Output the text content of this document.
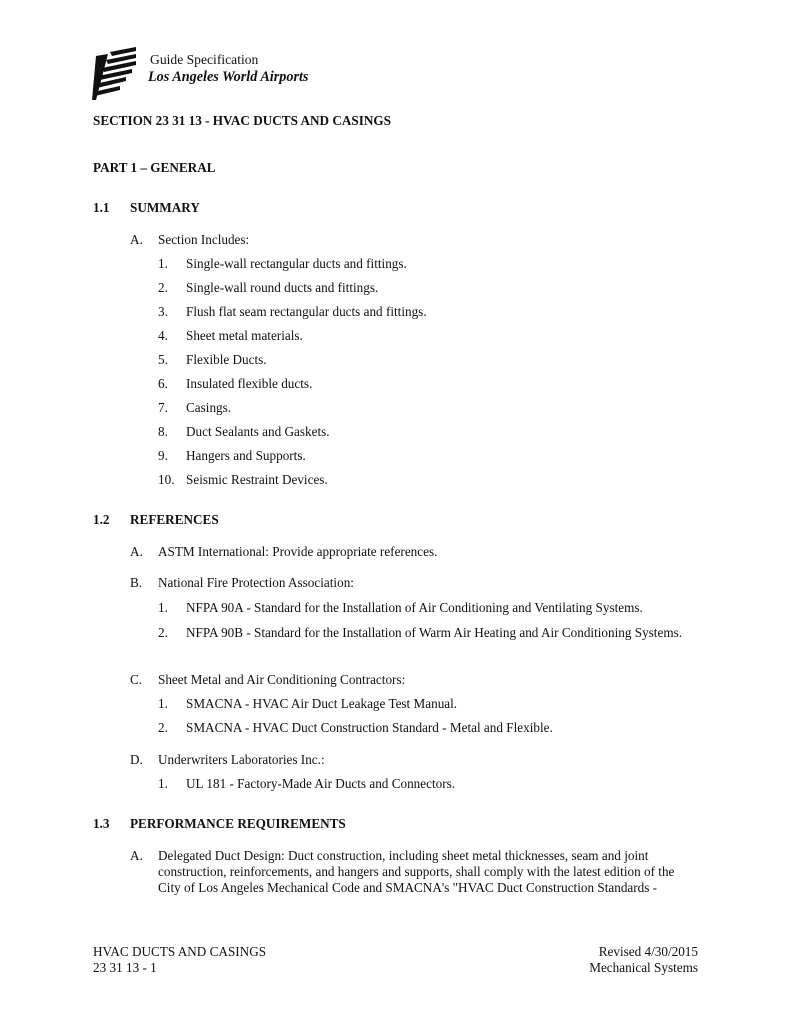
Guide Specification
Los Angeles World Airports
SECTION 23 31 13 - HVAC DUCTS AND CASINGS
PART 1 – GENERAL
1.1 SUMMARY
A. Section Includes:
1. Single-wall rectangular ducts and fittings.
2. Single-wall round ducts and fittings.
3. Flush flat seam rectangular ducts and fittings.
4. Sheet metal materials.
5. Flexible Ducts.
6. Insulated flexible ducts.
7. Casings.
8. Duct Sealants and Gaskets.
9. Hangers and Supports.
10. Seismic Restraint Devices.
1.2 REFERENCES
A. ASTM International: Provide appropriate references.
B. National Fire Protection Association:
1. NFPA 90A - Standard for the Installation of Air Conditioning and Ventilating Systems.
2. NFPA 90B - Standard for the Installation of Warm Air Heating and Air Conditioning Systems.
C. Sheet Metal and Air Conditioning Contractors:
1. SMACNA - HVAC Air Duct Leakage Test Manual.
2. SMACNA - HVAC Duct Construction Standard - Metal and Flexible.
D. Underwriters Laboratories Inc.:
1. UL 181 - Factory-Made Air Ducts and Connectors.
1.3 PERFORMANCE REQUIREMENTS
A. Delegated Duct Design: Duct construction, including sheet metal thicknesses, seam and joint
construction, reinforcements, and hangers and supports, shall comply with the latest edition of the
City of Los Angeles Mechanical Code and SMACNA's "HVAC Duct Construction Standards -
HVAC DUCTS AND CASINGS
23 31 13 - 1
Revised 4/30/2015
Mechanical Systems
